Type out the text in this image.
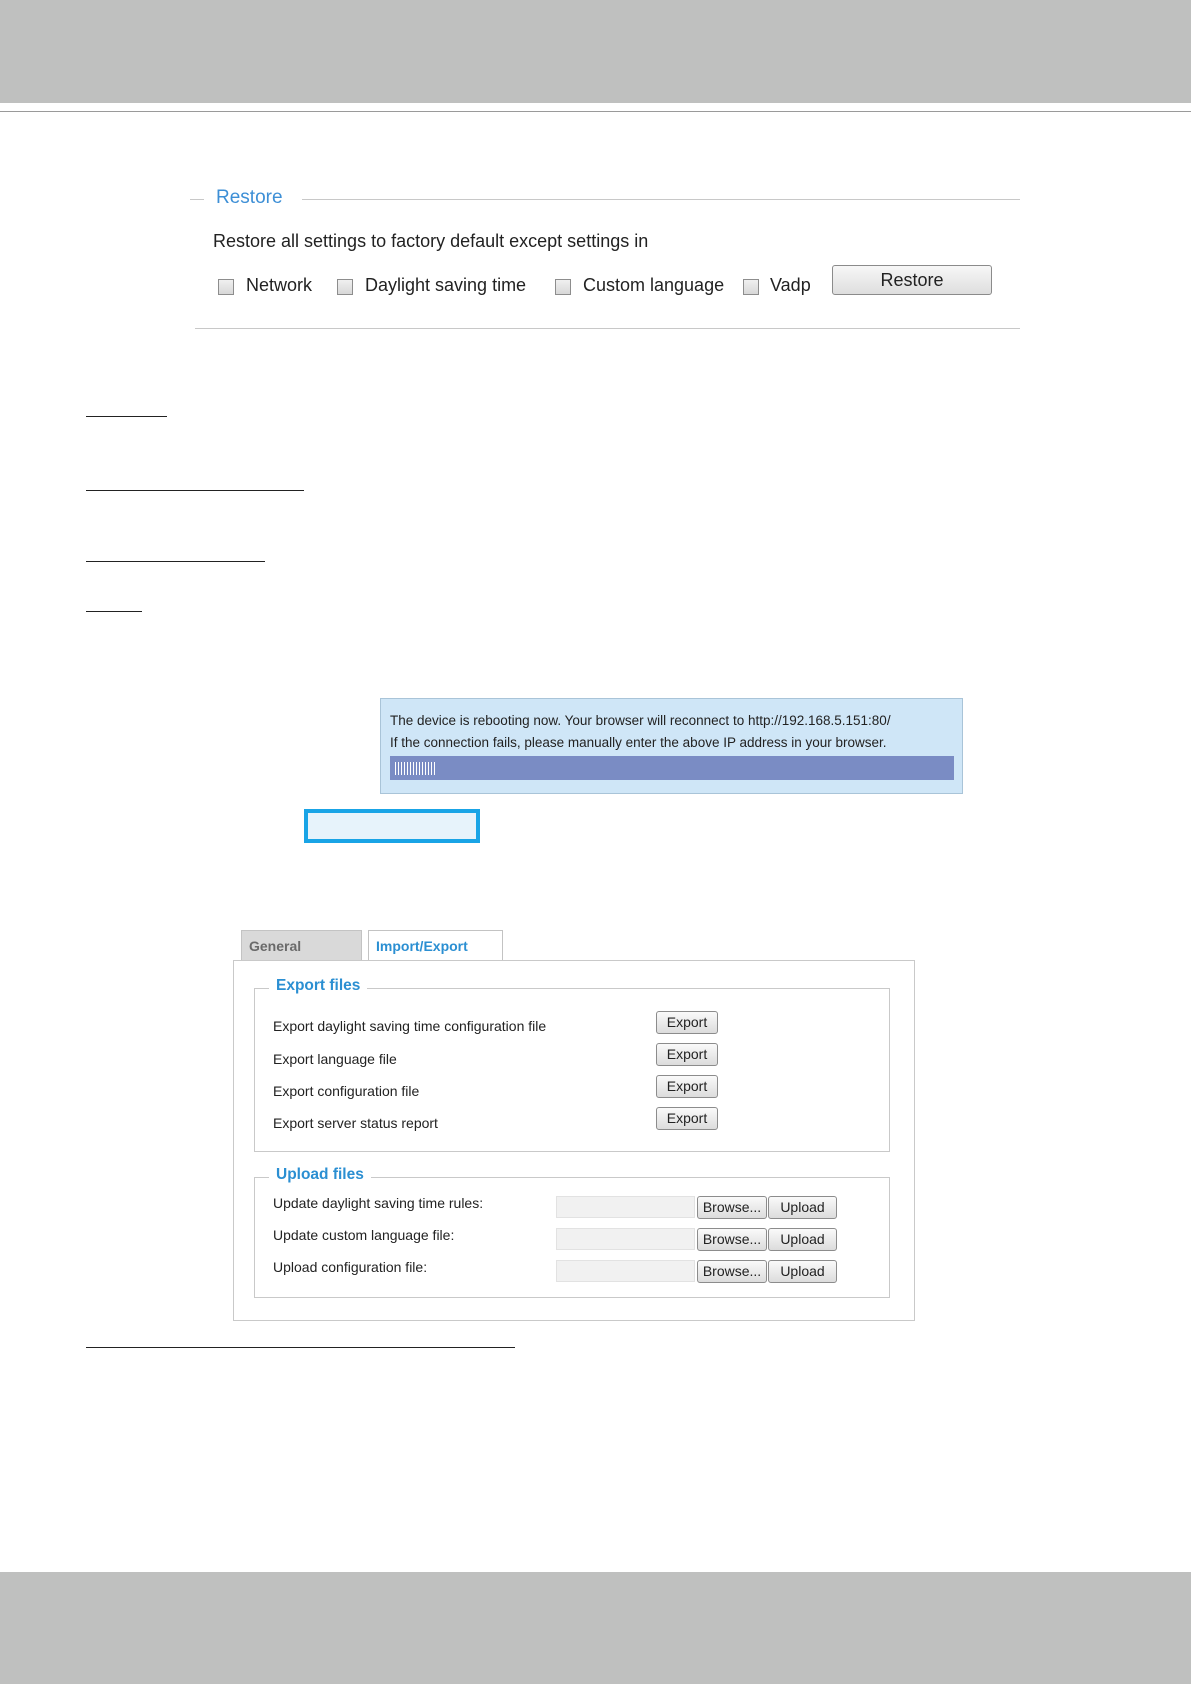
Restore
Restore all settings to factory default except settings in
Network	Daylight saving time	Custom language	Vadp	Restore
The device is rebooting now. Your browser will reconnect to http://192.168.5.151:80/
If the connection fails, please manually enter the above IP address in your browser.
General	Import/Export
Export files
Export daylight saving time configuration file	Export
Export language file	Export
Export configuration file	Export
Export server status report	Export
Upload files
Update daylight saving time rules:	Browse...	Upload
Update custom language file:	Browse...	Upload
Upload configuration file:	Browse...	Upload
